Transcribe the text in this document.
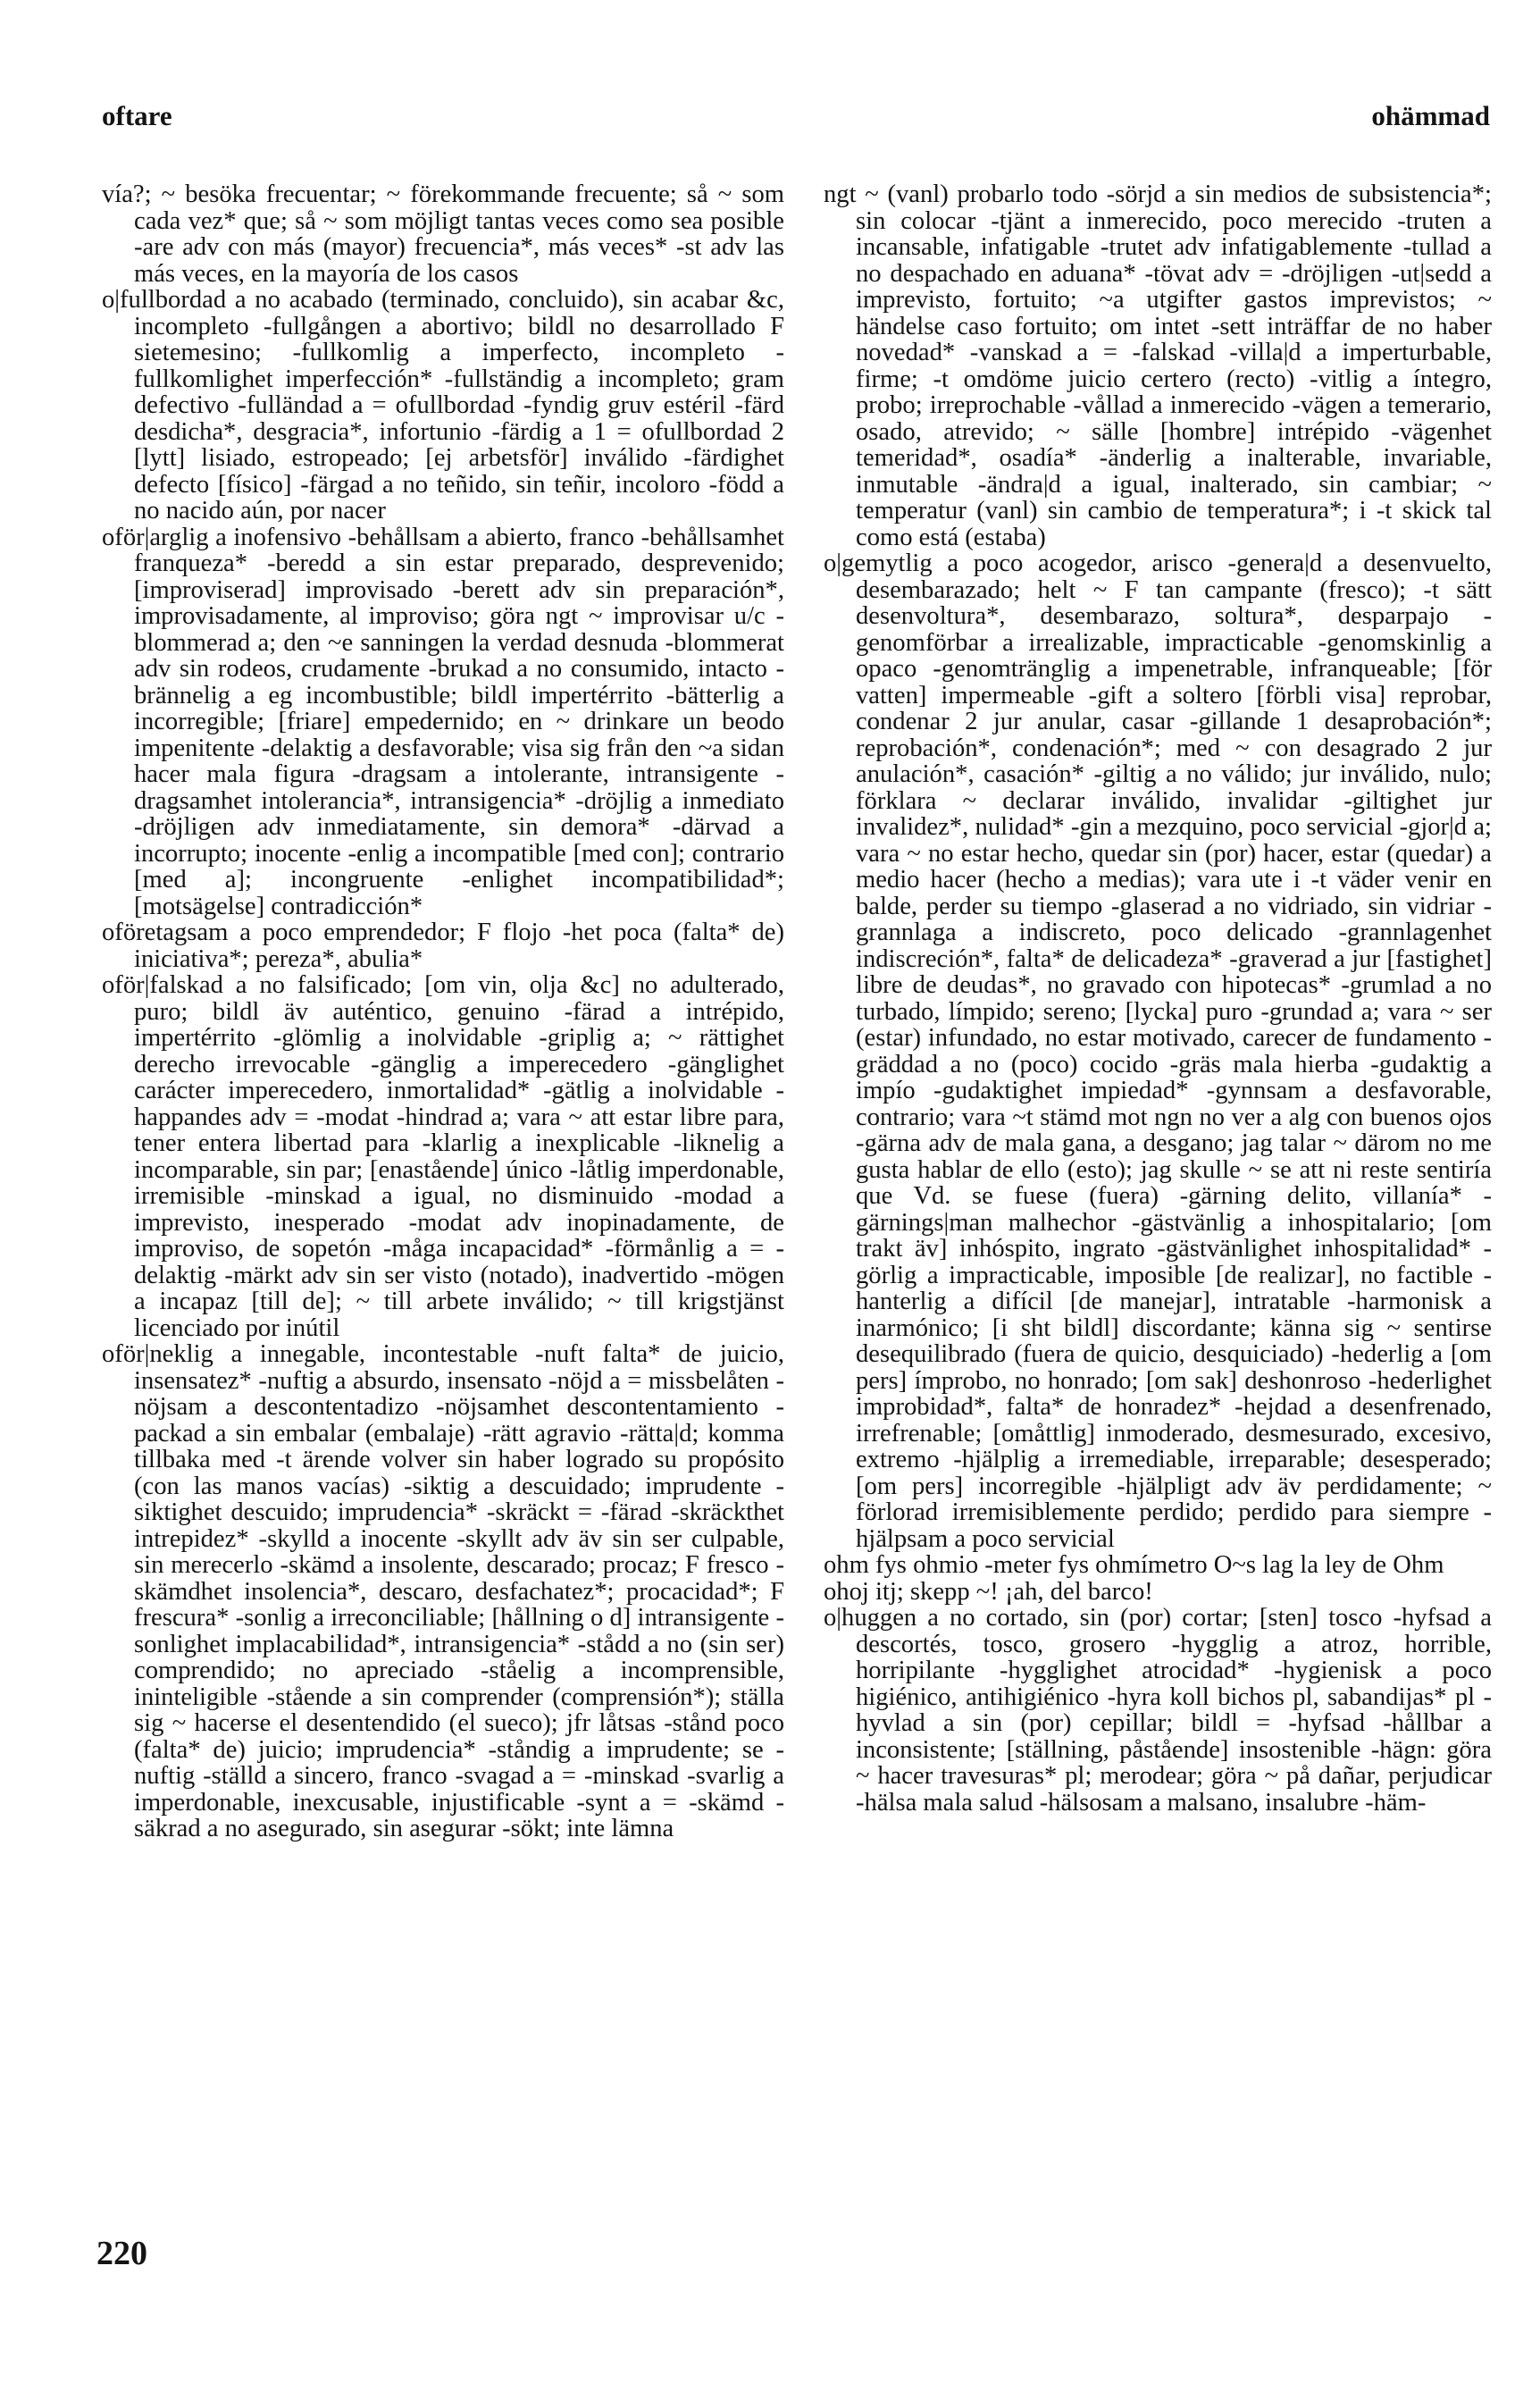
oftare	ohämmad

vía?; ~ besöka frecuentar; ~ förekommande frecuente; så ~ som cada vez* que; så ~ som möjligt tantas veces como sea posible -are adv con más (mayor) frecuencia*, más veces* -st adv las más veces, en la mayoría de los casos

o|fullbordad a no acabado (terminado, concluido), sin acabar &c, incompleto -fullgången a abortivo; bildl no desarrollado F sietemesino; -fullkomlig a imperfecto, incompleto -fullkomlighet imperfección* -fullständig a incompleto; gram defectivo -fulländad a = ofullbordad -fyndig gruv estéril -färd desdicha*, desgracia*, infortunio -färdig a 1 = ofullbordad 2 [lytt] lisiado, estropeado; [ej arbetsför] inválido -färdighet defecto [físico] -färgad a no teñido, sin teñir, incoloro -född a no nacido aún, por nacer

oför|arglig a inofensivo -behållsam a abierto, franco -behållsamhet franqueza* -beredd a sin estar preparado, desprevenido; [improviserad] improvisado -berett adv sin preparación*, improvisadamente, al improviso; göra ngt ~ improvisar u/c -blommerad a; den ~e sanningen la verdad desnuda -blommerat adv sin rodeos, crudamente -brukad a no consumido, intacto -brännelig a eg incombustible; bildl impertérrito -bätterlig a incorregible; [friare] empedernido; en ~ drinkare un beodo impenitente -delaktig a desfavorable; visa sig från den ~a sidan hacer mala figura -dragsam a intolerante, intransigente -dragsamhet intolerancia*, intransigencia* -dröjlig a inmediato -dröjligen adv inmediatamente, sin demora* -därvad a incorrupto; inocente -enlig a incompatible [med con]; contrario [med a]; incongruente -enlighet incompatibilidad*; [motsägelse] contradicción*

oföretagsam a poco emprendedor; F flojo -het poca (falta* de) iniciativa*; pereza*, abulia*

oför|falskad a no falsificado; [om vin, olja &c] no adulterado, puro; bildl äv auténtico, genuino -färad a intrépido, impertérrito -glömlig a inolvidable -griplig a; ~ rättighet derecho irrevocable -gänglig a imperecedero -gänglighet carácter imperecedero, inmortalidad* -gätlig a inolvidable -happandes adv = -modat -hindrad a; vara ~ att estar libre para, tener entera libertad para -klarlig a inexplicable -liknelig a incomparable, sin par; [enastående] único -låtlig imperdonable, irremisible -minskad a igual, no disminuido -modad a imprevisto, inesperado -modat adv inopinadamente, de improviso, de sopetón -måga incapacidad* -förmånlig a = -delaktig -märkt adv sin ser visto (notado), inadvertido -mögen a incapaz [till de]; ~ till arbete inválido; ~ till krigstjänst licenciado por inútil

oför|neklig a innegable, incontestable -nuft falta* de juicio, insensatez* -nuftig a absurdo, insensato -nöjd a = missbelåten -nöjsam a descontentadizo -nöjsamhet descontentamiento -packad a sin embalar (embalaje) -rätt agravio -rätta|d; komma tillbaka med -t ärende volver sin haber logrado su propósito (con las manos vacías) -siktig a descuidado; imprudente -siktighet descuido; imprudencia* -skräckt = -färad -skräckthet intrepidez* -skylld a inocente -skyllt adv äv sin ser culpable, sin merecerlo -skämd a insolente, descarado; procaz; F fresco -skämdhet insolencia*, descaro, desfachatez*; procacidad*; F frescura* -sonlig a irreconciliable; [hållning o d] intransigente -sonlighet implacabilidad*, intransigencia* -stådd a no (sin ser) comprendido; no apreciado -ståelig a incomprensible, ininteligible -stående a sin comprender (comprensión*); ställa sig ~ hacerse el desentendido (el sueco); jfr låtsas -stånd poco (falta* de) juicio; imprudencia* -ståndig a imprudente; se -nuftig -ställd a sincero, franco -svagad a = -minskad -svarlig a imperdonable, inexcusable, injustificable -synt a = -skämd -säkrad a no asegurado, sin asegurar -sökt; inte lämna

ngt ~ (vanl) probarlo todo -sörjd a sin medios de subsistencia*; sin colocar -tjänt a inmerecido, poco merecido -truten a incansable, infatigable -trutet adv infatigablemente -tullad a no despachado en aduana* -tövat adv = -dröjligen -ut|sedd a imprevisto, fortuito; ~a utgifter gastos imprevistos; ~ händelse caso fortuito; om intet -sett inträffar de no haber novedad* -vanskad a = -falskad -villa|d a imperturbable, firme; -t omdöme juicio certero (recto) -vitlig a íntegro, probo; irreprochable -vållad a inmerecido -vägen a temerario, osado, atrevido; ~ sälle [hombre] intrépido -vägenhet temeridad*, osadía* -änderlig a inalterable, invariable, inmutable -ändra|d a igual, inalterado, sin cambiar; ~ temperatur (vanl) sin cambio de temperatura*; i -t skick tal como está (estaba)

o|gemytlig a poco acogedor, arisco -genera|d a desenvuelto, desembarazado; helt ~ F tan campante (fresco); -t sätt desenvoltura*, desembarazo, soltura*, desparpajo -genomförbar a irrealizable, impracticable -genomskinlig a opaco -genomtränglig a impenetrable, infranqueable; [för vatten] impermeable -gift a soltero [förbli visa] reprobar, condenar 2 jur anular, casar -gillande 1 desaprobación*; reprobación*, condenación*; med ~ con desagrado 2 jur anulación*, casación* -giltig a no válido; jur inválido, nulo; förklara ~ declarar inválido, invalidar -giltighet jur invalidez*, nulidad* -gin a mezquino, poco servicial -gjor|d a; vara ~ no estar hecho, quedar sin (por) hacer, estar (quedar) a medio hacer (hecho a medias); vara ute i -t väder venir en balde, perder su tiempo -glaserad a no vidriado, sin vidriar -grannlaga a indiscreto, poco delicado -grannlagenhet indiscreción*, falta* de delicadeza* -graverad a jur [fastighet] libre de deudas*, no gravado con hipotecas* -grumlad a no turbado, límpido; sereno; [lycka] puro -grundad a; vara ~ ser (estar) infundado, no estar motivado, carecer de fundamento -gräddad a no (poco) cocido -gräs mala hierba -gudaktig a impío -gudaktighet impiedad* -gynnsam a desfavorable, contrario; vara ~t stämd mot ngn no ver a alg con buenos ojos -gärna adv de mala gana, a desgano; jag talar ~ därom no me gusta hablar de ello (esto); jag skulle ~ se att ni reste sentiría que Vd. se fuese (fuera) -gärning delito, villanía* -gärnings|man malhechor -gästvänlig a inhospitalario; [om trakt äv] inhóspito, ingrato -gästvänlighet inhospitalidad* -görlig a impracticable, imposible [de realizar], no factible -hanterlig a difícil [de manejar], intratable -harmonisk a inarmónico; [i sht bildl] discordante; känna sig ~ sentirse desequilibrado (fuera de quicio, desquiciado) -hederlig a [om pers] ímprobo, no honrado; [om sak] deshonroso -hederlighet improbidad*, falta* de honradez* -hejdad a desenfrenado, irrefrenable; [omåttlig] inmoderado, desmesurado, excesivo, extremo -hjälplig a irremediable, irreparable; desesperado; [om pers] incorregible -hjälpligt adv äv perdidamente; ~ förlorad irremisiblemente perdido; perdido para siempre -hjälpsam a poco servicial

ohm fys ohmio -meter fys ohmímetro O~s lag la ley de Ohm

ohoj itj; skepp ~! ¡ah, del barco!

o|huggen a no cortado, sin (por) cortar; [sten] tosco -hyfsad a descortés, tosco, grosero -hygglig a atroz, horrible, horripilante -hygglighet atrocidad* -hygienisk a poco higiénico, antihigiénico -hyra koll bichos pl, sabandijas* pl -hyvlad a sin (por) cepillar; bildl = -hyfsad -hållbar a inconsistente; [ställning, påstående] insostenible -hägn: göra ~ hacer travesuras* pl; merodear; göra ~ på dañar, perjudicar -hälsa mala salud -hälsosam a malsano, insalubre -häm-

220
